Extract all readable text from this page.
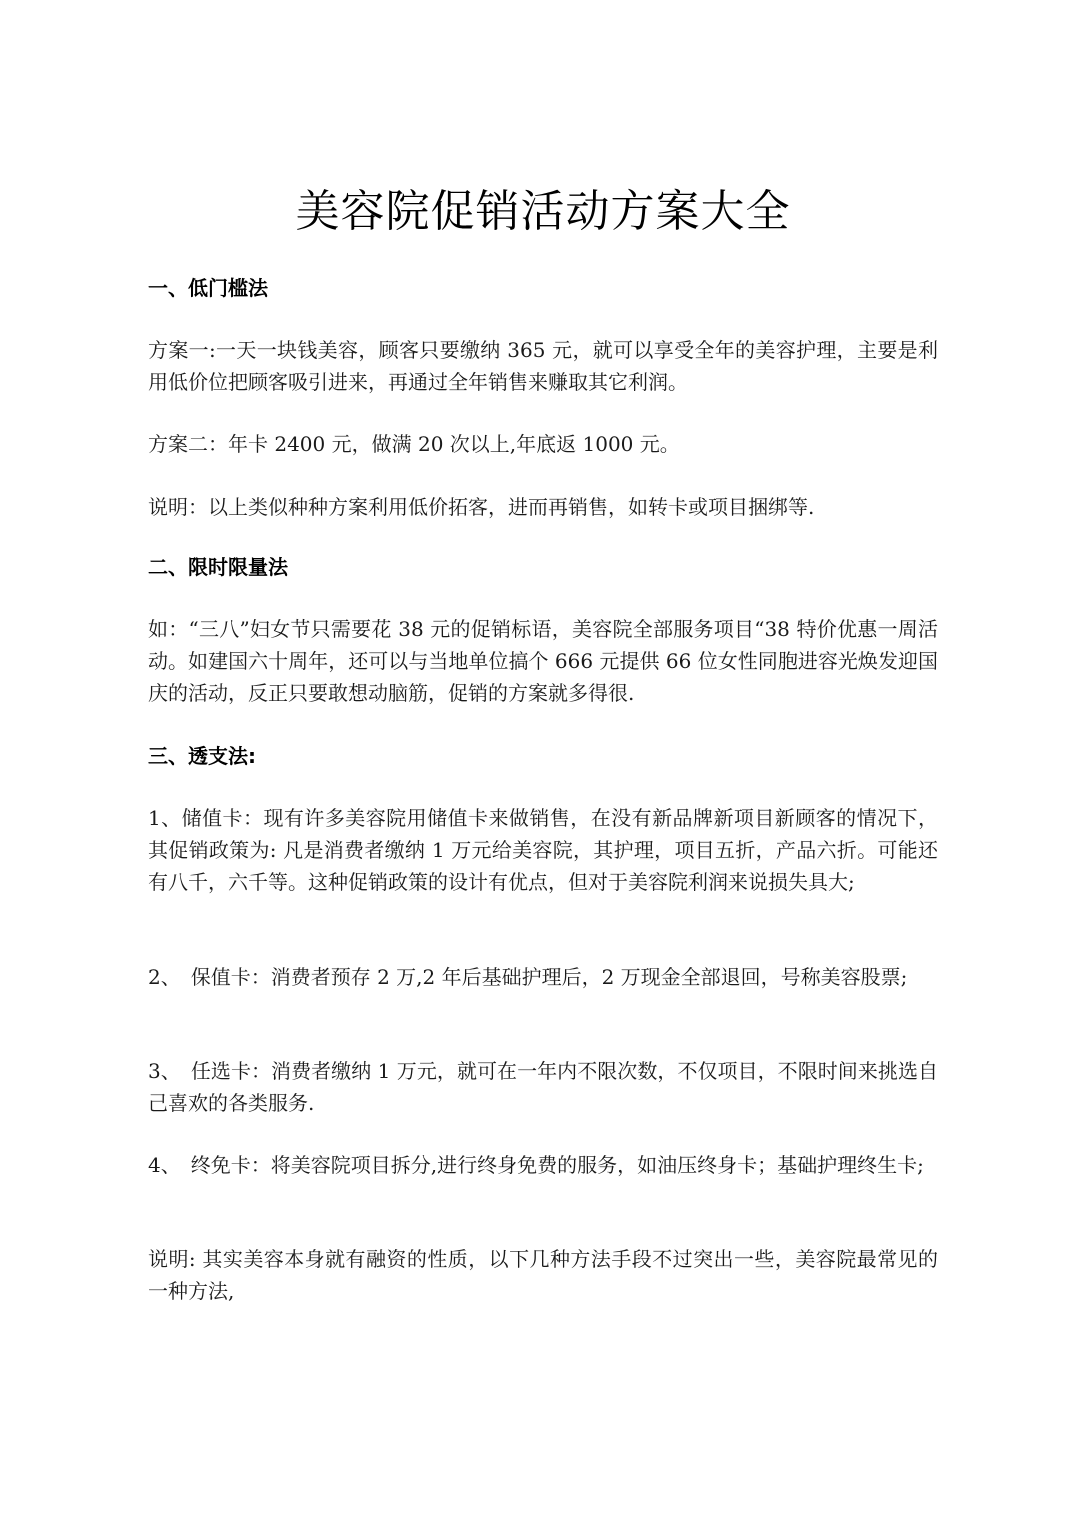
美容院促销活动方案大全
一、低门槛法
方案一:一天一块钱美容，顾客只要缴纳 365 元，就可以享受全年的美容护理，主要是利用低价位把顾客吸引进来，再通过全年销售来赚取其它利润。
方案二：年卡 2400 元，做满 20 次以上,年底返 1000 元。
说明：以上类似种种方案利用低价拓客，进而再销售，如转卡或项目捆绑等.
二、限时限量法
如：“三八”妇女节只需要花 38 元的促销标语，美容院全部服务项目“38 特价优惠一周活动。如建国六十周年，还可以与当地单位搞个 666 元提供 66 位女性同胞进容光焕发迎国庆的活动，反正只要敢想动脑筋，促销的方案就多得很.
三、透支法:
1、储值卡：现有许多美容院用储值卡来做销售，在没有新品牌新项目新顾客的情况下，其促销政策为: 凡是消费者缴纳 1 万元给美容院，其护理，项目五折，产品六折。可能还有八千，六千等。这种促销政策的设计有优点，但对于美容院利润来说损失具大;
2、　保值卡：消费者预存 2 万,2 年后基础护理后，2 万现金全部退回，号称美容股票;
3、　任选卡：消费者缴纳 1 万元，就可在一年内不限次数，不仅项目，不限时间来挑选自己喜欢的各类服务.
4、　终免卡：将美容院项目拆分,进行终身免费的服务，如油压终身卡；基础护理终生卡;
说明: 其实美容本身就有融资的性质，以下几种方法手段不过突出一些，美容院最常见的一种方法,
